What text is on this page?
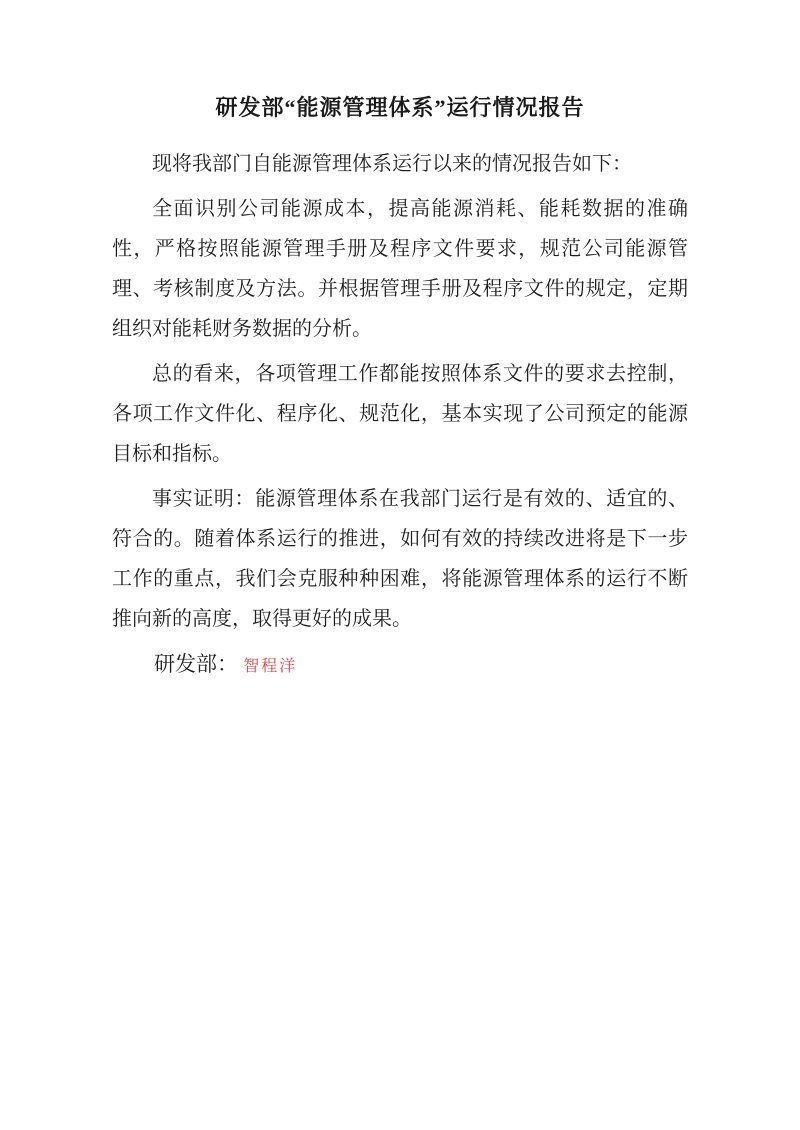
研发部“能源管理体系”运行情况报告

现将我部门自能源管理体系运行以来的情况报告如下：

全面识别公司能源成本，提高能源消耗、能耗数据的准确性，严格按照能源管理手册及程序文件要求，规范公司能源管理、考核制度及方法。并根据管理手册及程序文件的规定，定期组织对能耗财务数据的分析。

总的看来，各项管理工作都能按照体系文件的要求去控制，各项工作文件化、程序化、规范化，基本实现了公司预定的能源目标和指标。

事实证明：能源管理体系在我部门运行是有效的、适宜的、符合的。随着体系运行的推进，如何有效的持续改进将是下一步工作的重点，我们会克服种种困难，将能源管理体系的运行不断推向新的高度，取得更好的成果。

研发部： 智程洋
